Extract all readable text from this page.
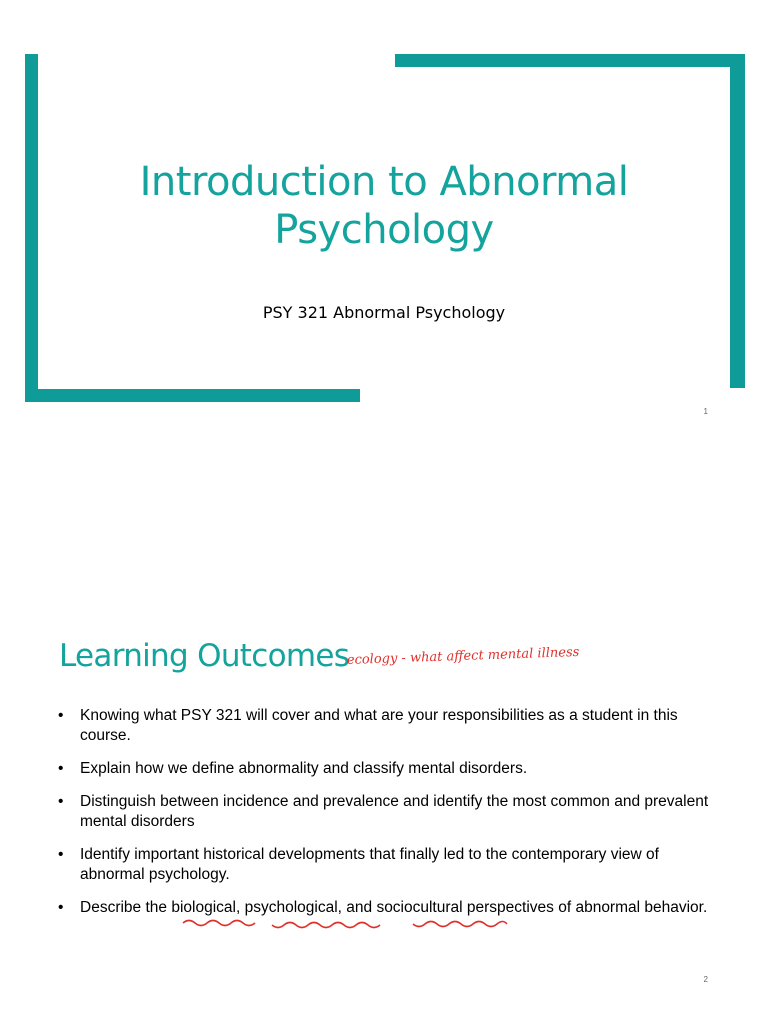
Introduction to Abnormal
Psychology
PSY 321 Abnormal Psychology
1
Learning Outcomes
ecology - what affect mental illness
• Knowing what PSY 321 will cover and what are your responsibilities as a student in this course.
• Explain how we define abnormality and classify mental disorders.
• Distinguish between incidence and prevalence and identify the most common and prevalent mental disorders
• Identify important historical developments that finally led to the contemporary view of abnormal psychology.
• Describe the biological, psychological, and sociocultural perspectives of abnormal behavior.
2
